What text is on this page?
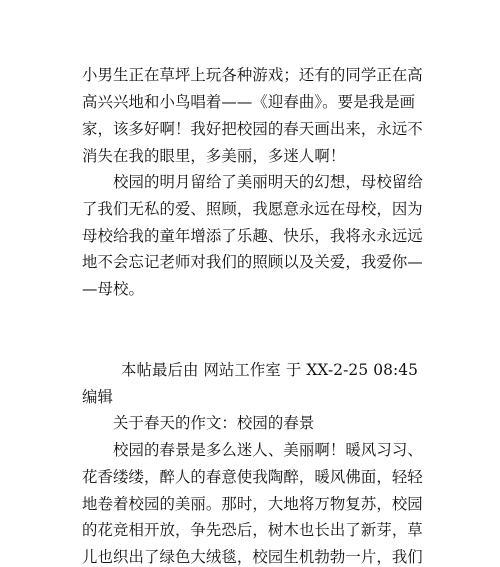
小男生正在草坪上玩各种游戏；还有的同学正在高
高兴兴地和小鸟唱着——《迎春曲》。要是我是画
家，该多好啊！我好把校园的春天画出来，永远不
消失在我的眼里，多美丽，多迷人啊！
校园的明月留给了美丽明天的幻想，母校留给
了我们无私的爱、照顾，我愿意永远在母校，因为
母校给我的童年增添了乐趣、快乐，我将永永远远
地不会忘记老师对我们的照顾以及关爱，我爱你—
—母校。
本帖最后由 网站工作室 于 XX-2-25 08:45
编辑
关于春天的作文：校园的春景
校园的春景是多么迷人、美丽啊！暖风习习、
花香缕缕，醉人的春意使我陶醉，暖风佛面，轻轻
地卷着校园的美丽。那时，大地将万物复苏，校园
的花竞相开放，争先恐后，树木也长出了新芽，草
儿也织出了绿色大绒毯，校园生机勃勃一片，我们
